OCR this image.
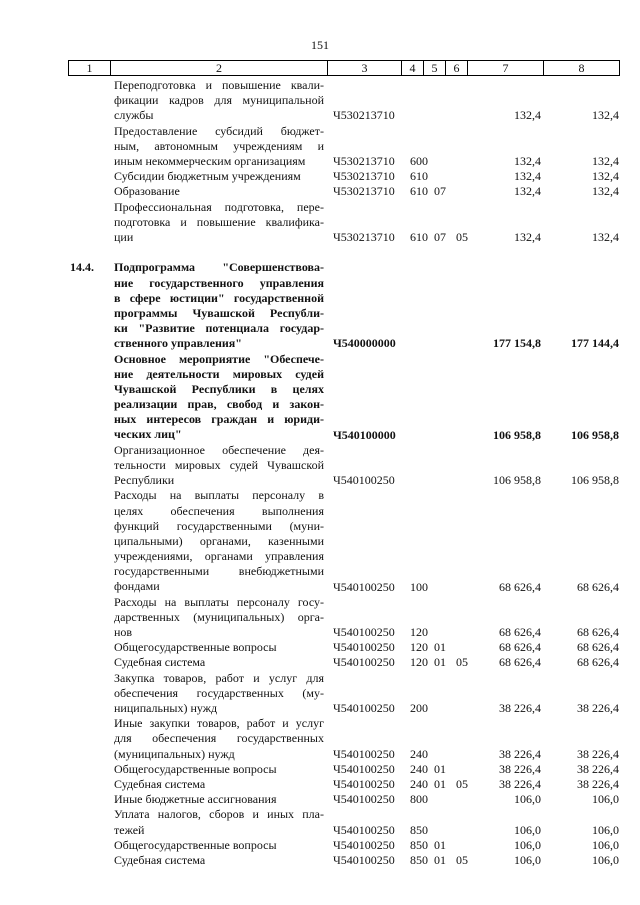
151
1	2	3	4	5	6	7	8
Переподготовка и повышение квали-
фикации кадров для муниципальной
службы	Ч530213710	132,4	132,4
Предоставление субсидий бюджет-
ным, автономным учреждениям и
иным некоммерческим организациям	Ч530213710 600	132,4	132,4
Субсидии бюджетным учреждениям	Ч530213710 610	132,4	132,4
Образование	Ч530213710 610 07	132,4	132,4
Профессиональная подготовка, пере-
подготовка и повышение квалифика-
ции	Ч530213710 610 07 05	132,4	132,4
14.4.	Подпрограмма "Совершенствова-
ние государственного управления
в сфере юстиции" государственной
программы Чувашской Республи-
ки "Развитие потенциала государ-
ственного управления"	Ч540000000	177 154,8	177 144,4
Основное мероприятие "Обеспече-
ние деятельности мировых судей
Чувашской Республики в целях
реализации прав, свобод и закон-
ных интересов граждан и юриди-
ческих лиц"	Ч540100000	106 958,8	106 958,8
Организационное обеспечение дея-
тельности мировых судей Чувашской
Республики	Ч540100250	106 958,8	106 958,8
Расходы на выплаты персоналу в
целях обеспечения выполнения
функций государственными (муни-
ципальными) органами, казенными
учреждениями, органами управления
государственными внебюджетными
фондами	Ч540100250 100	68 626,4	68 626,4
Расходы на выплаты персоналу госу-
дарственных (муниципальных) орга-
нов	Ч540100250 120	68 626,4	68 626,4
Общегосударственные вопросы	Ч540100250 120 01	68 626,4	68 626,4
Судебная система	Ч540100250 120 01 05	68 626,4	68 626,4
Закупка товаров, работ и услуг для
обеспечения государственных (му-
ниципальных) нужд	Ч540100250 200	38 226,4	38 226,4
Иные закупки товаров, работ и услуг
для обеспечения государственных
(муниципальных) нужд	Ч540100250 240	38 226,4	38 226,4
Общегосударственные вопросы	Ч540100250 240 01	38 226,4	38 226,4
Судебная система	Ч540100250 240 01 05	38 226,4	38 226,4
Иные бюджетные ассигнования	Ч540100250 800	106,0	106,0
Уплата налогов, сборов и иных пла-
тежей	Ч540100250 850	106,0	106,0
Общегосударственные вопросы	Ч540100250 850 01	106,0	106,0
Судебная система	Ч540100250 850 01 05	106,0	106,0
